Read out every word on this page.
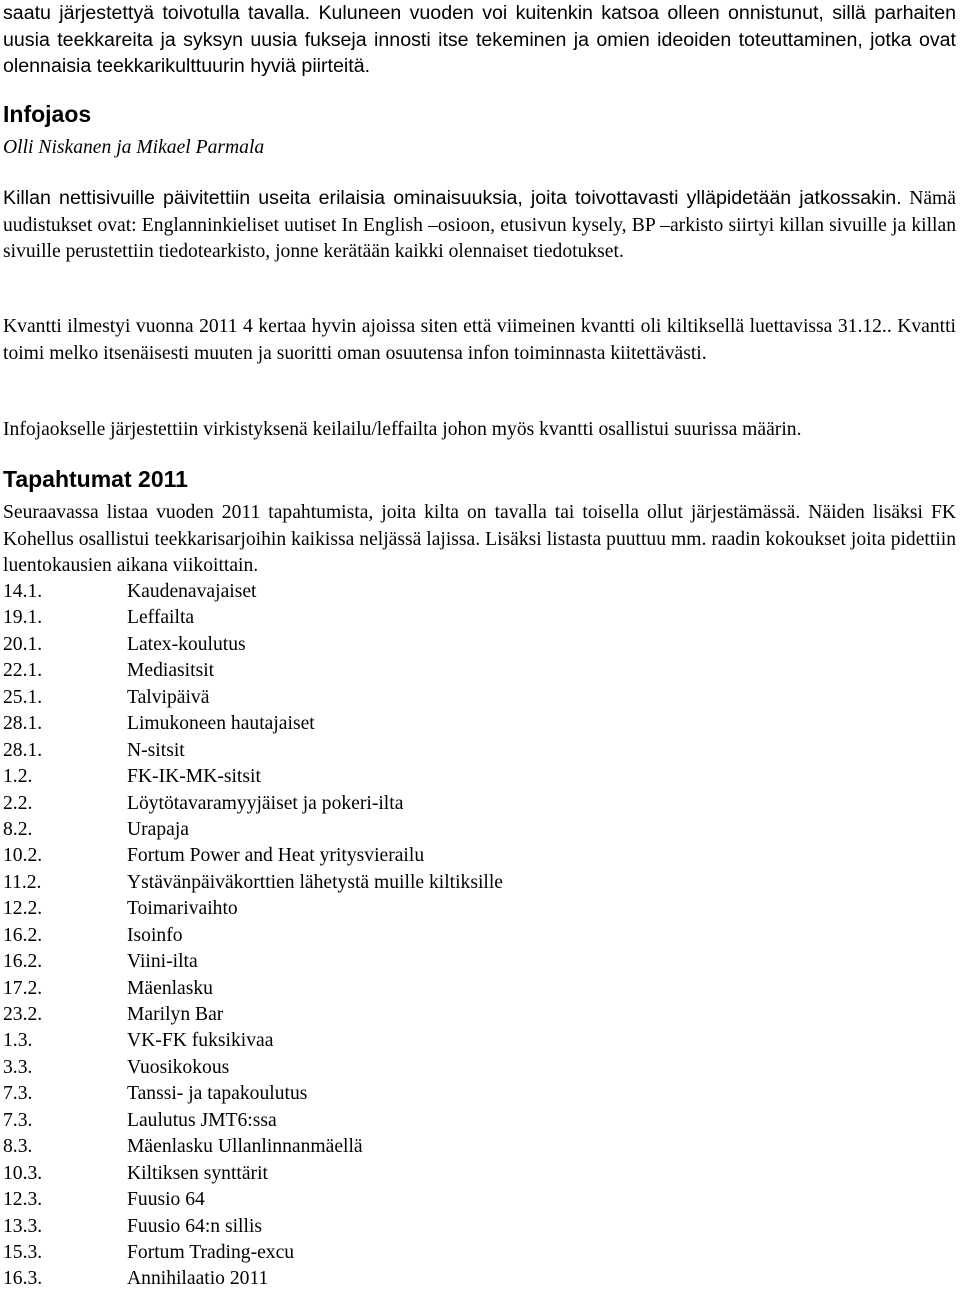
saatu järjestettyä toivotulla tavalla. Kuluneen vuoden voi kuitenkin katsoa olleen onnistunut, sillä parhaiten uusia teekkareita ja syksyn uusia fukseja innosti itse tekeminen ja omien ideoiden toteuttaminen, jotka ovat olennaisia teekkarikulttuurin hyviä piirteitä.

Infojaos
Olli Niskanen ja Mikael Parmala

Killan nettisivuille päivitettiin useita erilaisia ominaisuuksia, joita toivottavasti ylläpidetään jatkossakin. Nämä uudistukset ovat: Englanninkieliset uutiset In English –osioon, etusivun kysely, BP –arkisto siirtyi killan sivuille ja killan sivuille perustettiin tiedotearkisto, jonne kerätään kaikki olennaiset tiedotukset.

Kvantti ilmestyi vuonna 2011 4 kertaa hyvin ajoissa siten että viimeinen kvantti oli kiltiksellä luettavissa 31.12.. Kvantti toimi melko itsenäisesti muuten ja suoritti oman osuutensa infon toiminnasta kiitettävästi.

Infojaokselle järjestettiin virkistyksenä keilailu/leffailta johon myös kvantti osallistui suurissa määrin.

Tapahtumat 2011

Seuraavassa listaa vuoden 2011 tapahtumista, joita kilta on tavalla tai toisella ollut järjestämässä. Näiden lisäksi FK Kohellus osallistui teekkarisarjoihin kaikissa neljässä lajissa. Lisäksi listasta puuttuu mm. raadin kokoukset joita pidettiin luentokausien aikana viikoittain.

14.1.	Kaudenavajaiset
19.1.	Leffailta
20.1.	Latex-koulutus
22.1.	Mediasitsit
25.1.	Talvipäivä
28.1.	Limukoneen hautajaiset
28.1.	N-sitsit
1.2.	FK-IK-MK-sitsit
2.2.	Löytötavaramyyjäiset ja pokeri-ilta
8.2.	Urapaja
10.2.	Fortum Power and Heat yritysvierailu
11.2.	Ystävänpäiväkorttien lähetystä muille kiltiksille
12.2.	Toimarivaihto
16.2.	Isoinfo
16.2.	Viini-ilta
17.2.	Mäenlasku
23.2.	Marilyn Bar
1.3.	VK-FK fuksikivaa
3.3.	Vuosikokous
7.3.	Tanssi- ja tapakoulutus
7.3.	Laulutus JMT6:ssa
8.3.	Mäenlasku Ullanlinnanmäellä
10.3.	Kiltiksen synttärit
12.3.	Fuusio 64
13.3.	Fuusio 64:n sillis
15.3.	Fortum Trading-excu
16.3.	Annihilaatio 2011
